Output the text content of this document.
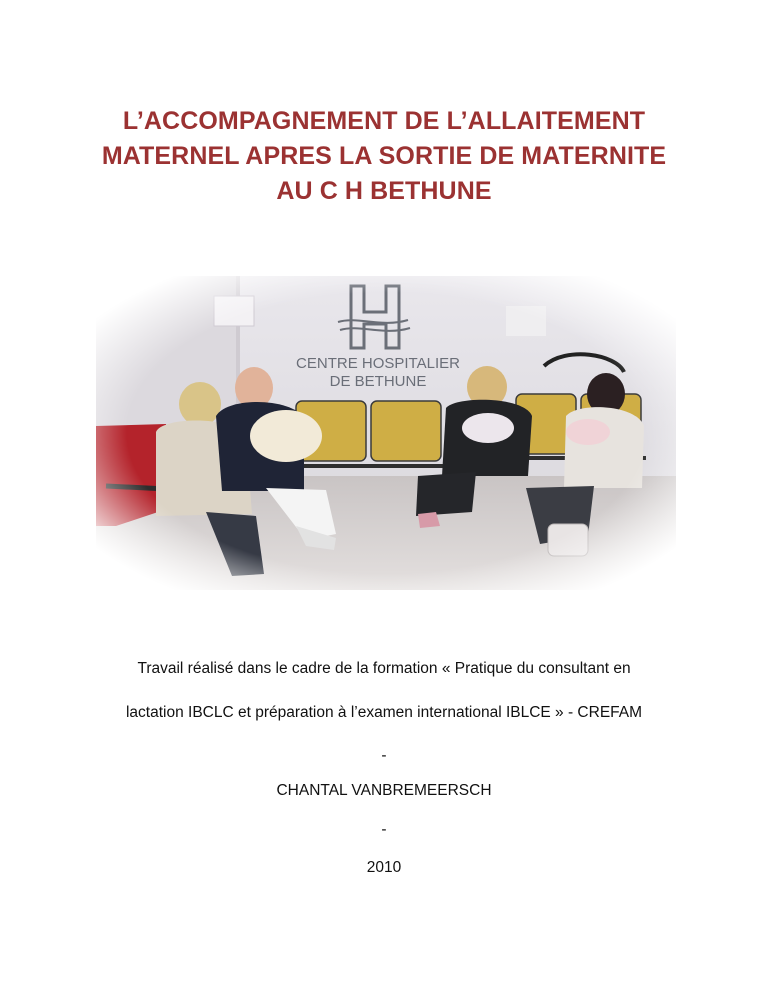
L’ACCOMPAGNEMENT DE L’ALLAITEMENT
MATERNEL APRES LA SORTIE DE MATERNITE
AU C H BETHUNE
Travail réalisé dans le cadre de la formation « Pratique du consultant en
lactation IBCLC et préparation à l’examen international IBLCE » - CREFAM
-
CHANTAL VANBREMEERSCH
-
2010
